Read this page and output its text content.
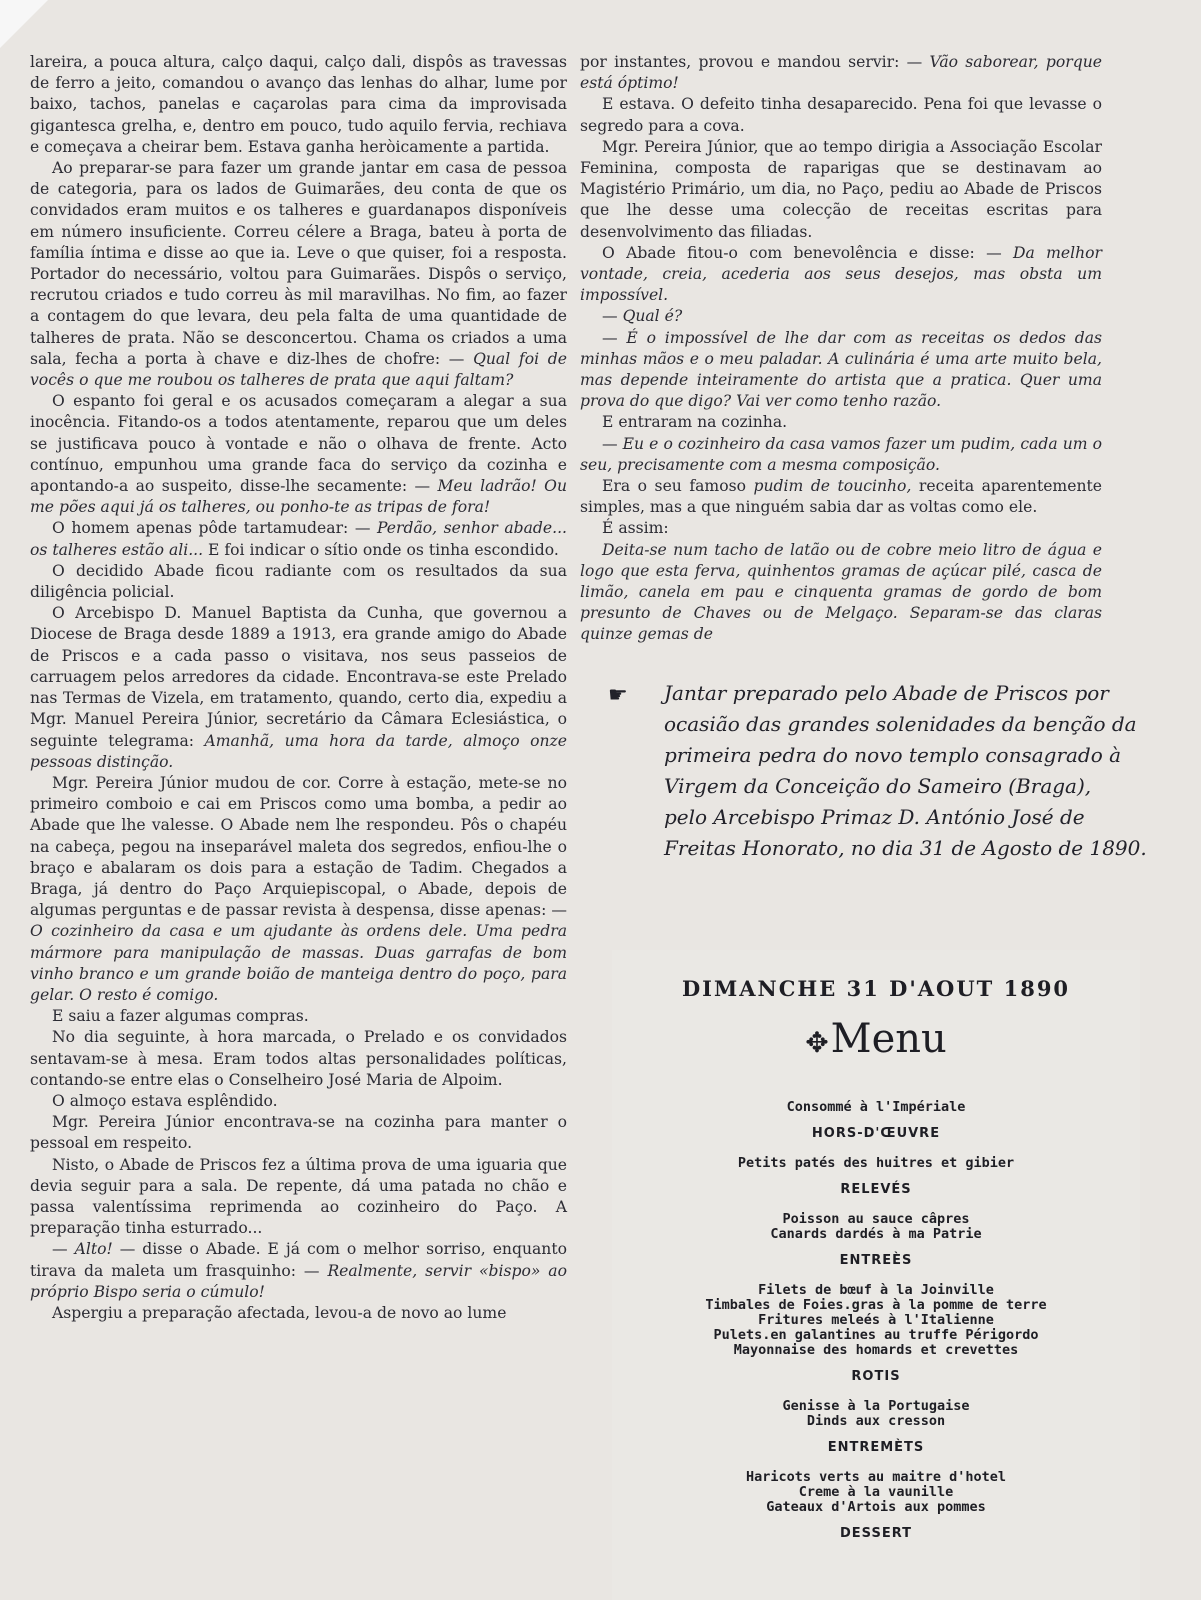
lareira, a pouca altura, calço daqui, calço dali, dispôs as travessas de ferro a jeito, comandou o avanço das lenhas do alhar, lume por baixo, tachos, panelas e caçarolas para cima da improvisada gigantesca grelha, e, dentro em pouco, tudo aquilo fervia, rechiava e começava a cheirar bem. Estava ganha heròicamente a partida.

Ao preparar-se para fazer um grande jantar em casa de pessoa de categoria, para os lados de Guimarães, deu conta de que os convidados eram muitos e os talheres e guardanapos disponíveis em número insuficiente. Correu célere a Braga, bateu à porta de família íntima e disse ao que ia. Leve o que quiser, foi a resposta. Portador do necessário, voltou para Guimarães. Dispôs o serviço, recrutou criados e tudo correu às mil maravilhas. No fim, ao fazer a contagem do que levara, deu pela falta de uma quantidade de talheres de prata. Não se desconcertou. Chama os criados a uma sala, fecha a porta à chave e diz-lhes de chofre: — Qual foi de vocês o que me roubou os talheres de prata que aqui faltam?

O espanto foi geral e os acusados começaram a alegar a sua inocência. Fitando-os a todos atentamente, reparou que um deles se justificava pouco à vontade e não o olhava de frente. Acto contínuo, empunhou uma grande faca do serviço da cozinha e apontando-a ao suspeito, disse-lhe secamente: — Meu ladrão! Ou me pões aqui já os talheres, ou ponho-te as tripas de fora!

O homem apenas pôde tartamudear: — Perdão, senhor abade... os talheres estão ali... E foi indicar o sítio onde os tinha escondido.

O decidido Abade ficou radiante com os resultados da sua diligência policial.

O Arcebispo D. Manuel Baptista da Cunha, que governou a Diocese de Braga desde 1889 a 1913, era grande amigo do Abade de Priscos e a cada passo o visitava, nos seus passeios de carruagem pelos arredores da cidade. Encontrava-se este Prelado nas Termas de Vizela, em tratamento, quando, certo dia, expediu a Mgr. Manuel Pereira Júnior, secretário da Câmara Eclesiástica, o seguinte telegrama: Amanhã, uma hora da tarde, almoço onze pessoas distinção.

Mgr. Pereira Júnior mudou de cor. Corre à estação, mete-se no primeiro comboio e cai em Priscos como uma bomba, a pedir ao Abade que lhe valesse. O Abade nem lhe respondeu. Pôs o chapéu na cabeça, pegou na inseparável maleta dos segredos, enfiou-lhe o braço e abalaram os dois para a estação de Tadim. Chegados a Braga, já dentro do Paço Arquiepiscopal, o Abade, depois de algumas perguntas e de passar revista à despensa, disse apenas: — O cozinheiro da casa e um ajudante às ordens dele. Uma pedra mármore para manipulação de massas. Duas garrafas de bom vinho branco e um grande boião de manteiga dentro do poço, para gelar. O resto é comigo.

E saiu a fazer algumas compras.

No dia seguinte, à hora marcada, o Prelado e os convidados sentavam-se à mesa. Eram todos altas personalidades políticas, contando-se entre elas o Conselheiro José Maria de Alpoim.

O almoço estava esplêndido.

Mgr. Pereira Júnior encontrava-se na cozinha para manter o pessoal em respeito.

Nisto, o Abade de Priscos fez a última prova de uma iguaria que devia seguir para a sala. De repente, dá uma patada no chão e passa valentíssima reprimenda ao cozinheiro do Paço. A preparação tinha esturrado...

— Alto! — disse o Abade. E já com o melhor sorriso, enquanto tirava da maleta um frasquinho: — Realmente, servir «bispo» ao próprio Bispo seria o cúmulo!

Aspergiu a preparação afectada, levou-a de novo ao lume

por instantes, provou e mandou servir: — Vão saborear, porque está óptimo!

E estava. O defeito tinha desaparecido. Pena foi que levasse o segredo para a cova.

Mgr. Pereira Júnior, que ao tempo dirigia a Associação Escolar Feminina, composta de raparigas que se destinavam ao Magistério Primário, um dia, no Paço, pediu ao Abade de Priscos que lhe desse uma colecção de receitas escritas para desenvolvimento das filiadas.

O Abade fitou-o com benevolência e disse: — Da melhor vontade, creia, acederia aos seus desejos, mas obsta um impossível.

— Qual é?

— É o impossível de lhe dar com as receitas os dedos das minhas mãos e o meu paladar. A culinária é uma arte muito bela, mas depende inteiramente do artista que a pratica. Quer uma prova do que digo? Vai ver como tenho razão.

E entraram na cozinha.

— Eu e o cozinheiro da casa vamos fazer um pudim, cada um o seu, precisamente com a mesma composição.

Era o seu famoso pudim de toucinho, receita aparentemente simples, mas a que ninguém sabia dar as voltas como ele.

É assim:

Deita-se num tacho de latão ou de cobre meio litro de água e logo que esta ferva, quinhentos gramas de açúcar pilé, casca de limão, canela em pau e cinquenta gramas de gordo de bom presunto de Chaves ou de Melgaço. Separam-se das claras quinze gemas de

☛	Jantar preparado pelo Abade de Priscos por
ocasião das grandes solenidades da benção da
primeira pedra do novo templo consagrado à
Virgem da Conceição do Sameiro (Braga),
pelo Arcebispo Primaz D. António José de
Freitas Honorato, no dia 31 de Agosto de 1890.
DIMANCHE 31 D'AOUT 1890
✥Menu
Consommé à l'Impériale
HORS-D'ŒUVRE
Petits patés des huitres et gibier
RELEVÉS
Poisson au sauce câpres
Canards dardés à ma Patrie
ENTREÈS
Filets de bœuf à la Joinville
Timbales de Foies.gras à la pomme de terre
Fritures meleés à l'Italienne
Pulets.en galantines au truffe Périgordo
Mayonnaise des homards et crevettes
ROTIS
Genisse à la Portugaise
Dinds aux cresson
ENTREMÈTS
Haricots verts au maitre d'hotel
Creme à la vaunille
Gateaux d'Artois aux pommes
DESSERT
